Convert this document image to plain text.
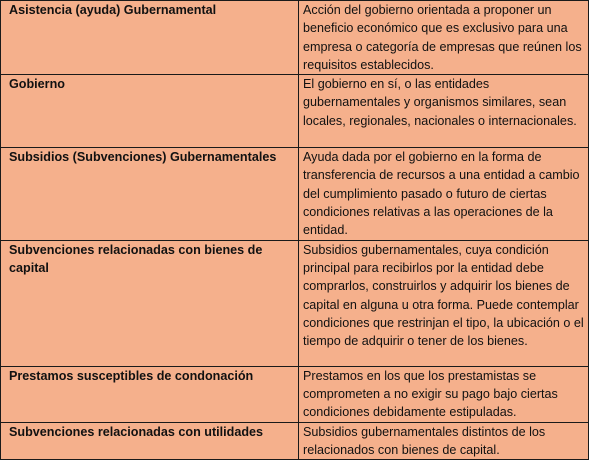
Asistencia (ayuda) Gubernamental	Acción del gobierno orientada a proponer un beneficio económico que es exclusivo para una empresa o categoría de empresas que reúnen los requisitos establecidos.
Gobierno	El gobierno en sí, o las entidades gubernamentales y organismos similares, sean locales, regionales, nacionales o internacionales.
Subsidios (Subvenciones) Gubernamentales	Ayuda dada por el gobierno en la forma de transferencia de recursos a una entidad a cambio del cumplimiento pasado o futuro de ciertas condiciones relativas a las operaciones de la entidad.
Subvenciones relacionadas con bienes de capital	Subsidios gubernamentales, cuya condición principal para recibirlos por la entidad debe comprarlos, construirlos y adquirir los bienes de capital en alguna u otra forma. Puede contemplar condiciones que restrinjan el tipo, la ubicación o el tiempo de adquirir o tener de los bienes.
Prestamos susceptibles de condonación	Prestamos en los que los prestamistas se comprometen a no exigir su pago bajo ciertas condiciones debidamente estipuladas.
Subvenciones relacionadas con utilidades	Subsidios gubernamentales distintos de los relacionados con bienes de capital.
